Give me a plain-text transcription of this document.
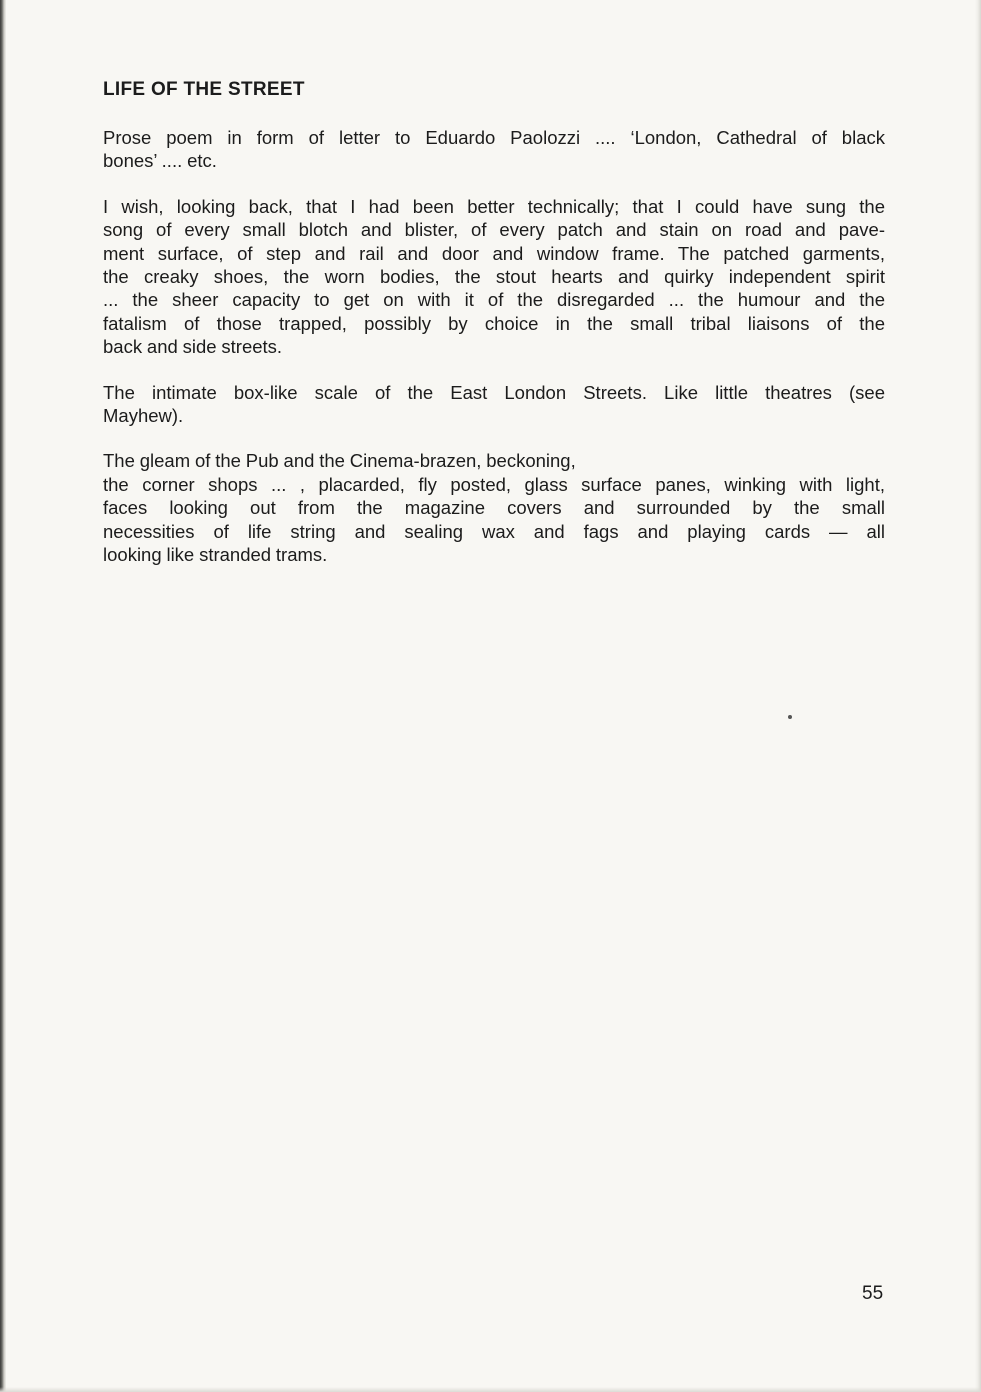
LIFE OF THE STREET
Prose poem in form of letter to Eduardo Paolozzi .... ‘London, Cathedral of black
bones’ .... etc.
I wish, looking back, that I had been better technically; that I could have sung the
song of every small blotch and blister, of every patch and stain on road and pave-
ment surface, of step and rail and door and window frame. The patched garments,
the creaky shoes, the worn bodies, the stout hearts and quirky independent spirit
... the sheer capacity to get on with it of the disregarded ... the humour and the
fatalism of those trapped, possibly by choice in the small tribal liaisons of the
back and side streets.
The intimate box-like scale of the East London Streets. Like little theatres (see
Mayhew).
The gleam of the Pub and the Cinema-brazen, beckoning,
the corner shops ... , placarded, fly posted, glass surface panes, winking with light,
faces looking out from the magazine covers and surrounded by the small
necessities of life string and sealing wax and fags and playing cards — all
looking like stranded trams.
55
